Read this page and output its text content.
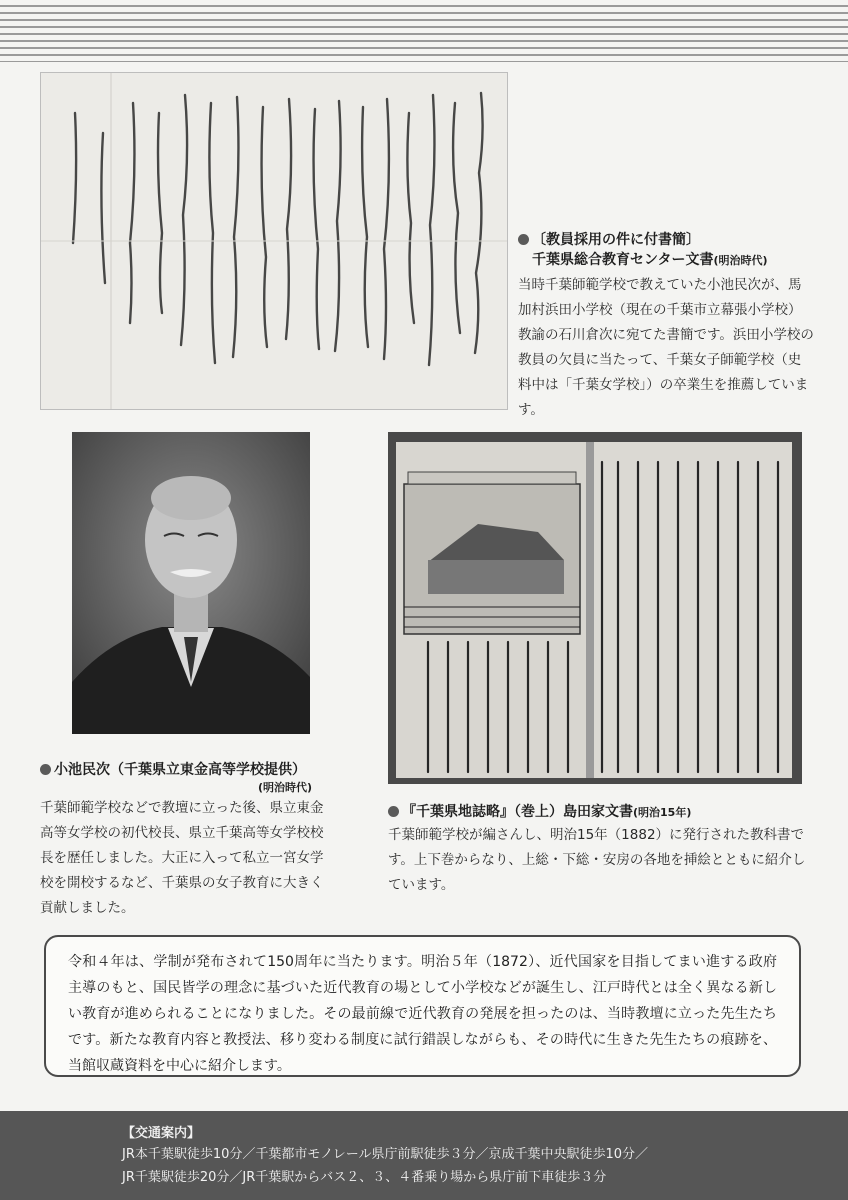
〔教員採用の件に付書簡〕
千葉県総合教育センター文書(明治時代)
当時千葉師範学校で教えていた小池民次が、馬加村浜田小学校（現在の千葉市立幕張小学校）教諭の石川倉次に宛てた書簡です。浜田小学校の教員の欠員に当たって、千葉女子師範学校（史料中は「千葉女学校」）の卒業生を推薦しています。
小池民次（千葉県立東金高等学校提供）
(明治時代)
千葉師範学校などで教壇に立った後、県立東金高等女学校の初代校長、県立千葉高等女学校校長を歴任しました。大正に入って私立一宮女学校を開校するなど、千葉県の女子教育に大きく貢献しました。
『千葉県地誌略』（巻上）島田家文書(明治15年)
千葉師範学校が編さんし、明治15年（1882）に発行された教科書です。上下巻からなり、上総・下総・安房の各地を挿絵とともに紹介しています。
令和４年は、学制が発布されて150周年に当たります。明治５年（1872）、近代国家を目指してまい進する政府主導のもと、国民皆学の理念に基づいた近代教育の場として小学校などが誕生し、江戸時代とは全く異なる新しい教育が進められることになりました。その最前線で近代教育の発展を担ったのは、当時教壇に立った先生たちです。新たな教育内容と教授法、移り変わる制度に試行錯誤しながらも、その時代に生きた先生たちの痕跡を、当館収蔵資料を中心に紹介します。
【交通案内】
JR本千葉駅徒歩10分／千葉都市モノレール県庁前駅徒歩３分／京成千葉中央駅徒歩10分／
JR千葉駅徒歩20分／JR千葉駅からバス２、３、４番乗り場から県庁前下車徒歩３分
